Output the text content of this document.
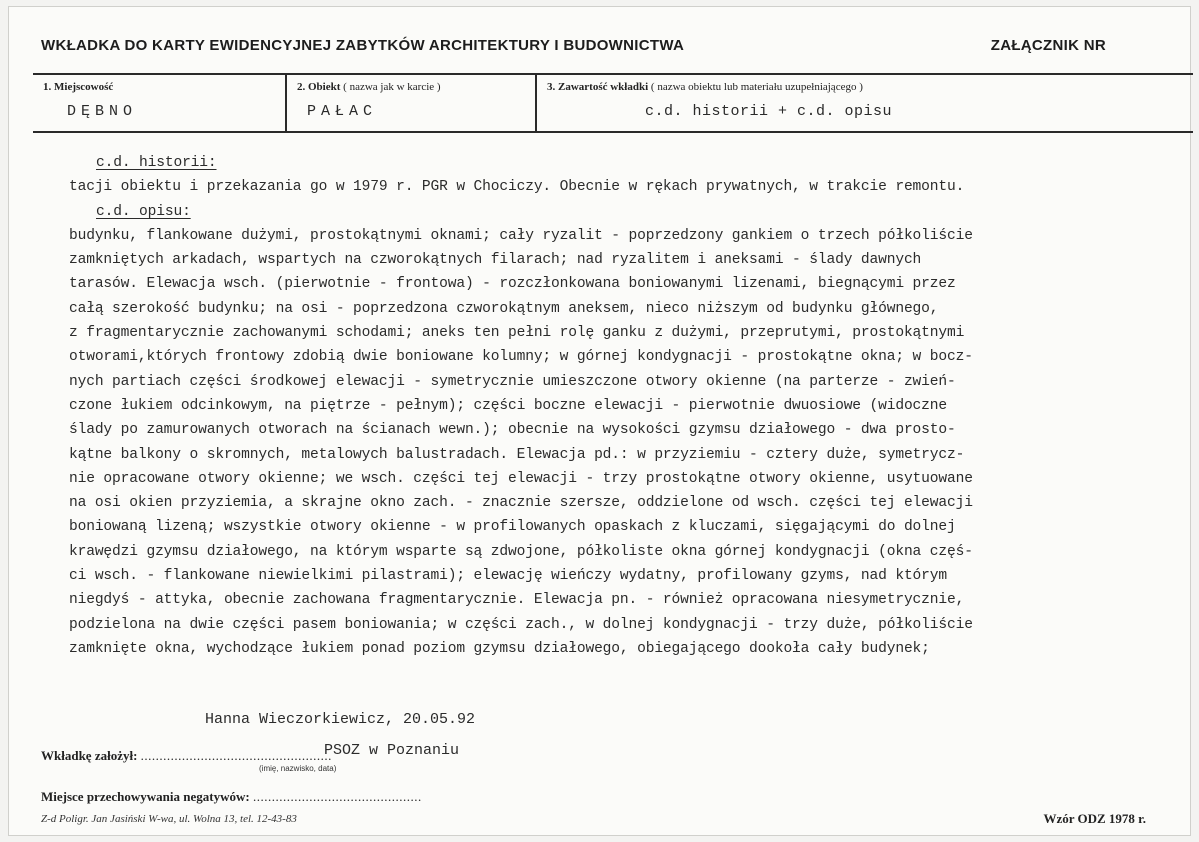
WKŁADKA DO KARTY EWIDENCYJNEJ ZABYTKÓW ARCHITEKTURY I BUDOWNICTWA	ZAŁĄCZNIK NR
1. Miejscowość
DĘBNO
2. Obiekt ( nazwa jak w karcie )
PAŁAC
3. Zawartość wkładki ( nazwa obiektu lub materiału uzupełniającego )
c.d. historii + c.d. opisu
c.d. historii:
tacji obiektu i przekazania go w 1979 r. PGR w Chociczy. Obecnie w rękach prywatnych, w trakcie remontu.
c.d. opisu:
budynku, flankowane dużymi, prostokątnymi oknami; cały ryzalit - poprzedzony gankiem o trzech półkoliście
zamkniętych arkadach, wspartych na czworokątnych filarach; nad ryzalitem i aneksami - ślady dawnych
tarasów. Elewacja wsch. (pierwotnie - frontowa) - rozczłonkowana boniowanymi lizenami, biegnącymi przez
całą szerokość budynku; na osi - poprzedzona czworokątnym aneksem, nieco niższym od budynku głównego,
z fragmentarycznie zachowanymi schodami; aneks ten pełni rolę ganku z dużymi, przeprutymi, prostokątnymi
otworami,których frontowy zdobią dwie boniowane kolumny; w górnej kondygnacji - prostokątne okna; w bocz-
nych partiach części środkowej elewacji - symetrycznie umieszczone otwory okienne (na parterze - zwień-
czone łukiem odcinkowym, na piętrze - pełnym); części boczne elewacji - pierwotnie dwuosiowe (widoczne
ślady po zamurowanych otworach na ścianach wewn.); obecnie na wysokości gzymsu działowego - dwa prosto-
kątne balkony o skromnych, metalowych balustradach. Elewacja pd.: w przyziemiu - cztery duże, symetrycz-
nie opracowane otwory okienne; we wsch. części tej elewacji - trzy prostokątne otwory okienne, usytuowane
na osi okien przyziemia, a skrajne okno zach. - znacznie szersze, oddzielone od wsch. części tej elewacji
boniowaną lizeną; wszystkie otwory okienne - w profilowanych opaskach z kluczami, sięgającymi do dolnej
krawędzi gzymsu działowego, na którym wsparte są zdwojone, półkoliste okna górnej kondygnacji (okna częś-
ci wsch. - flankowane niewielkimi pilastrami); elewację wieńczy wydatny, profilowany gzyms, nad którym
niegdyś - attyka, obecnie zachowana fragmentarycznie. Elewacja pn. - również opracowana niesymetrycznie,
podzielona na dwie części pasem boniowania; w części zach., w dolnej kondygnacji - trzy duże, półkoliście
zamknięte okna, wychodzące łukiem ponad poziom gzymsu działowego, obiegającego dookoła cały budynek;
Hanna Wieczorkiewicz, 20.05.92
Wkładkę założył: ...................................................
PSOZ w Poznaniu
(imię, nazwisko, data)
Miejsce przechowywania negatywów: .............................................
Z-d Poligr. Jan Jasiński W-wa, ul. Wolna 13, tel. 12-43-83	Wzór ODZ 1978 r.
